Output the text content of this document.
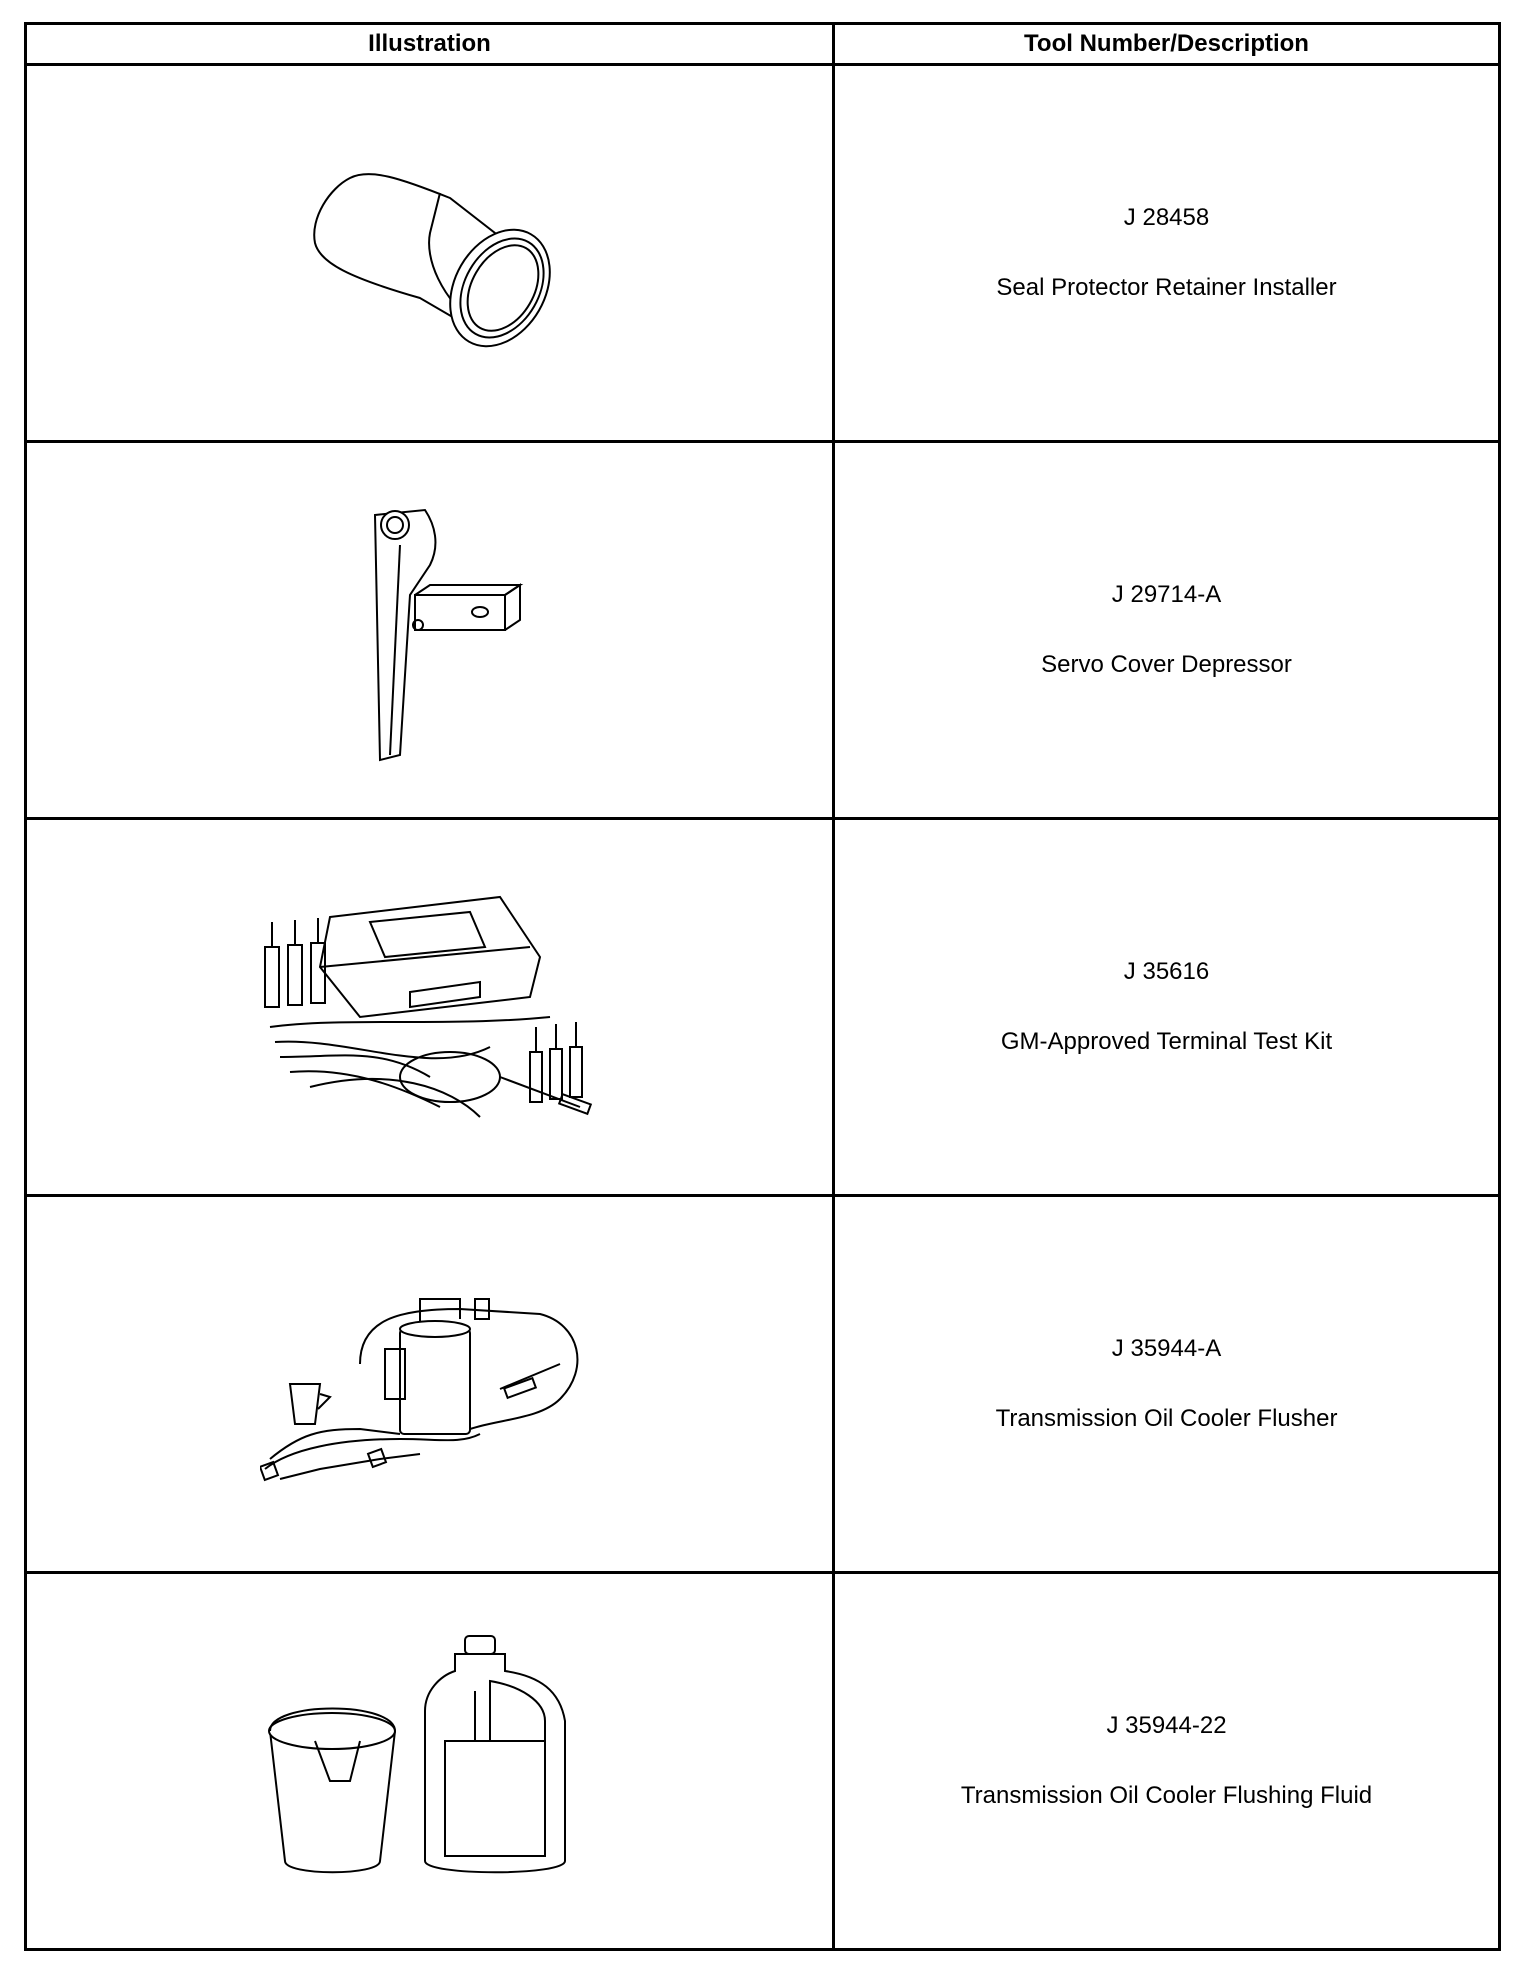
Illustration	Tool Number/Description

J 28458
Seal Protector Retainer Installer

J 29714-A
Servo Cover Depressor

J 35616
GM-Approved Terminal Test Kit

J 35944-A
Transmission Oil Cooler Flusher

J 35944-22
Transmission Oil Cooler Flushing Fluid
